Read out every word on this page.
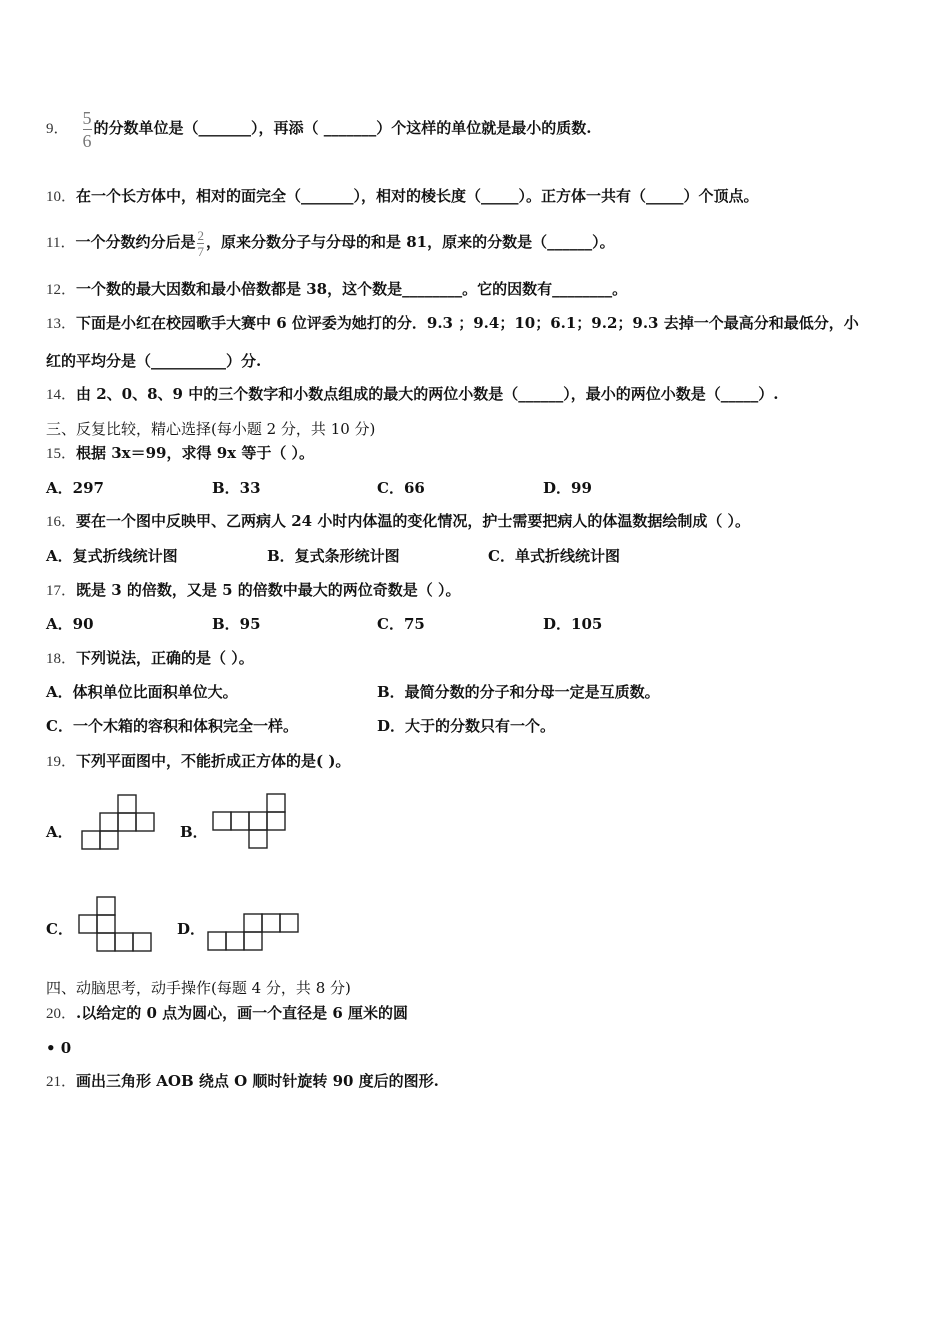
9． $\frac{5}{6}$ 的分数单位是（_______），再添（ _______）个这样的单位就是最小的质数.
10．在一个长方体中，相对的面完全（_______），相对的棱长度（_____）。正方体一共有（_____）个顶点。
11．一个分数约分后是 $\frac{2}{7}$ ，原来分数分子与分母的和是 81，原来的分数是（______）。
12．一个数的最大因数和最小倍数都是 38，这个数是________。它的因数有________。
13．下面是小红在校园歌手大赛中 6 位评委为她打的分．9.3 ；9.4；10；6.1；9.2；9.3 去掉一个最高分和最低分，小
红的平均分是（__________）分.
14．由 2、0、8、9 中的三个数字和小数点组成的最大的两位小数是（______），最小的两位小数是（_____）.
三、反复比较，精心选择(每小题 2 分，共 10 分)
15．根据 3x＝99，求得 9x 等于（ ）。
A．297	B．33	C．66	D．99
16．要在一个图中反映甲、乙两病人 24 小时内体温的变化情况，护士需要把病人的体温数据绘制成（ ）。
A．复式折线统计图	B．复式条形统计图	C．单式折线统计图
17．既是 3 的倍数，又是 5 的倍数中最大的两位奇数是（ ）。
A．90	B．95	C．75	D．105
18．下列说法，正确的是（ ）。
A．体积单位比面积单位大。	B．最简分数的分子和分母一定是互质数。
C．一个木箱的容积和体积完全一样。	D．大于的分数只有一个。
19．下列平面图中，不能折成正方体的是( )。
A．	B．
C．	D．
四、动脑思考，动手操作(每题 4 分，共 8 分)
20．.以给定的 0 点为圆心，画一个直径是 6 厘米的圆
• 0
21．画出三角形 AOB 绕点 O 顺时针旋转 90 度后的图形.
